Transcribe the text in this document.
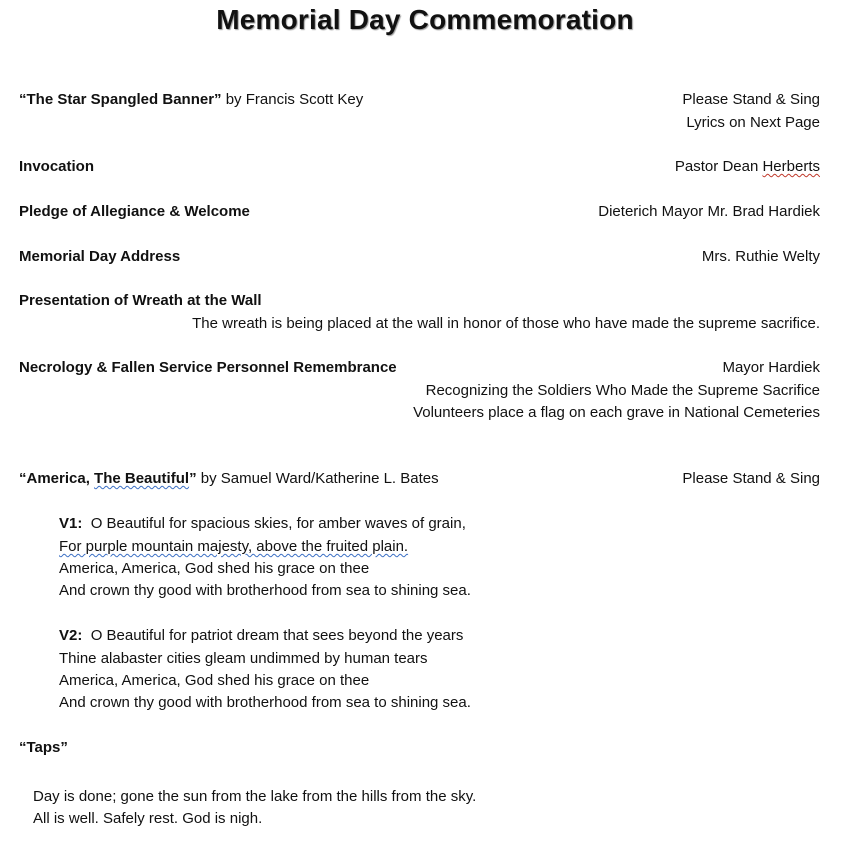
Memorial Day Commemoration
“The Star Spangled Banner” by Francis Scott Key	Please Stand & Sing
Lyrics on Next Page
Invocation	Pastor Dean Herberts
Pledge of Allegiance & Welcome	Dieterich Mayor Mr. Brad Hardiek
Memorial Day Address	Mrs. Ruthie Welty
Presentation of Wreath at the Wall
The wreath is being placed at the wall in honor of those who have made the supreme sacrifice.
Necrology & Fallen Service Personnel Remembrance	Mayor Hardiek
Recognizing the Soldiers Who Made the Supreme Sacrifice
Volunteers place a flag on each grave in National Cemeteries
“America, The Beautiful” by Samuel Ward/Katherine L. Bates	Please Stand & Sing
V1: O Beautiful for spacious skies, for amber waves of grain,
For purple mountain majesty, above the fruited plain.
America, America, God shed his grace on thee
And crown thy good with brotherhood from sea to shining sea.
V2: O Beautiful for patriot dream that sees beyond the years
Thine alabaster cities gleam undimmed by human tears
America, America, God shed his grace on thee
And crown thy good with brotherhood from sea to shining sea.
“Taps”
Day is done; gone the sun from the lake from the hills from the sky.
All is well. Safely rest. God is nigh.
